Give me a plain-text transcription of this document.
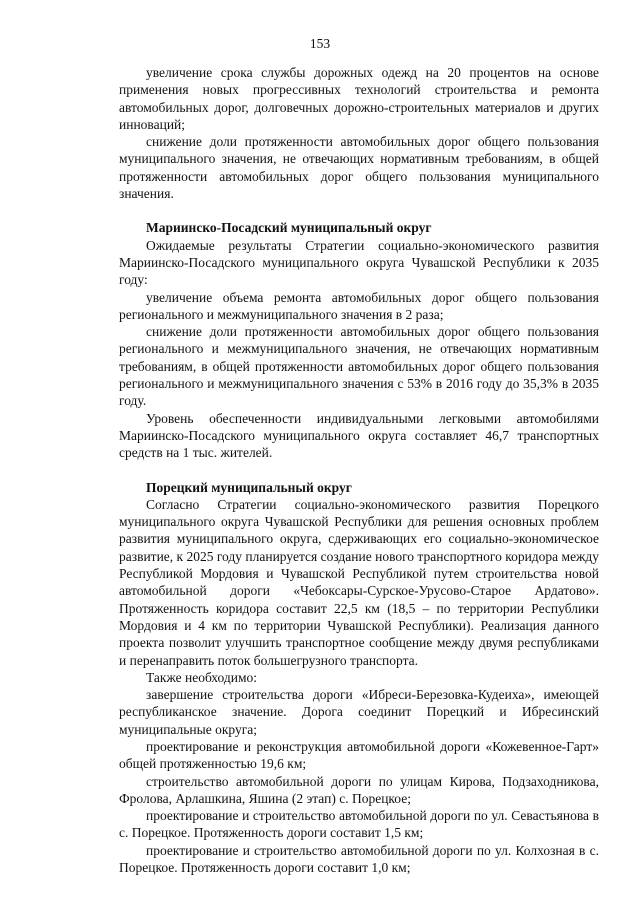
153

увеличение срока службы дорожных одежд на 20 процентов на основе применения новых прогрессивных технологий строительства и ремонта автомобильных дорог, долговечных дорожно-строительных материалов и других инноваций;

снижение доли протяженности автомобильных дорог общего пользования муниципального значения, не отвечающих нормативным требованиям, в общей протяженности автомобильных дорог общего пользования муниципального значения.

Мариинско-Посадский муниципальный округ

Ожидаемые результаты Стратегии социально-экономического развития Мариинско-Посадского муниципального округа Чувашской Республики к 2035 году:

увеличение объема ремонта автомобильных дорог общего пользования регионального и межмуниципального значения в 2 раза;

снижение доли протяженности автомобильных дорог общего пользования регионального и межмуниципального значения, не отвечающих нормативным требованиям, в общей протяженности автомобильных дорог общего пользования регионального и межмуниципального значения с 53% в 2016 году до 35,3% в 2035 году.

Уровень обеспеченности индивидуальными легковыми автомобилями Мариинско-Посадского муниципального округа составляет 46,7 транспортных средств на 1 тыс. жителей.

Порецкий муниципальный округ

Согласно Стратегии социально-экономического развития Порецкого муниципального округа Чувашской Республики для решения основных проблем развития муниципального округа, сдерживающих его социально-экономическое развитие, к 2025 году планируется создание нового транспортного коридора между Республикой Мордовия и Чувашской Республикой путем строительства новой автомобильной дороги «Чебоксары-Сурское-Урусово-Старое Ардатово». Протяженность коридора составит 22,5 км (18,5 – по территории Республики Мордовия и 4 км по территории Чувашской Республики). Реализация данного проекта позволит улучшить транспортное сообщение между двумя республиками и перенаправить поток большегрузного транспорта.

Также необходимо:

завершение строительства дороги «Ибреси-Березовка-Кудеиха», имеющей республиканское значение. Дорога соединит Порецкий и Ибресинский муниципальные округа;

проектирование и реконструкция автомобильной дороги «Кожевенное-Гарт» общей протяженностью 19,6 км;

строительство автомобильной дороги по улицам Кирова, Подзаходникова, Фролова, Арлашкина, Яшина (2 этап) с. Порецкое;

проектирование и строительство автомобильной дороги по ул. Севастьянова в с. Порецкое. Протяженность дороги составит 1,5 км;

проектирование и строительство автомобильной дороги по ул. Колхозная в с. Порецкое. Протяженность дороги составит 1,0 км;
